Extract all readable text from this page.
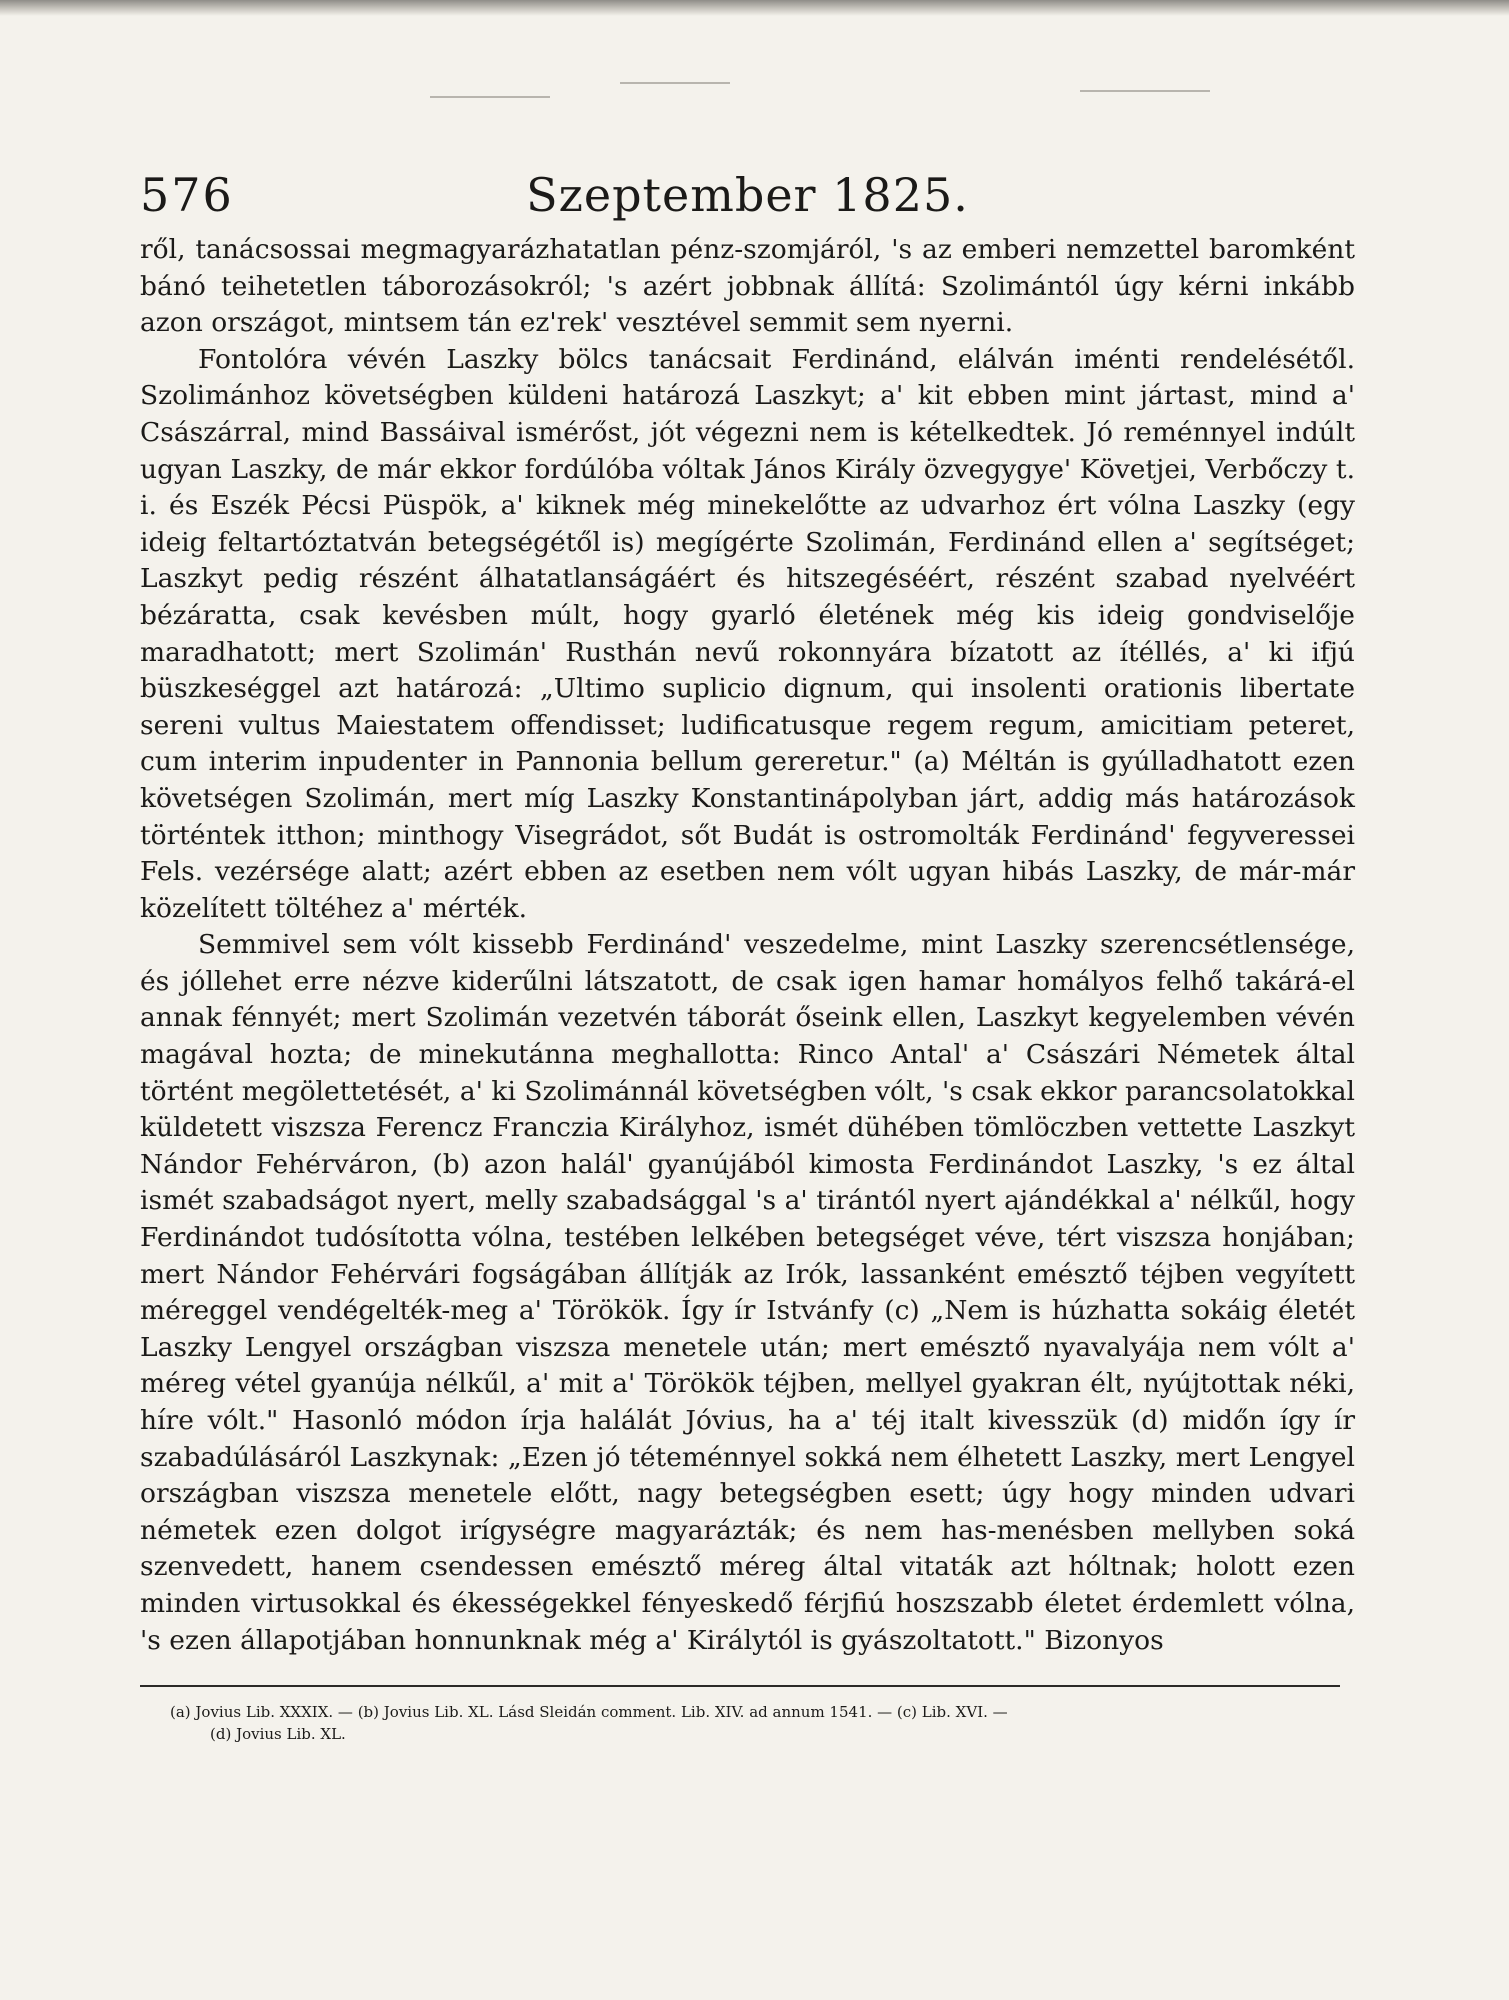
576	Szeptember 1825.

ről, tanácsossai megmagyarázhatatlan pénz-szomjáról, 's az emberi nemzettel baromként bánó teihetetlen táborozásokról; 's azért jobbnak állítá: Szolimántól úgy kérni inkább azon országot, mintsem tán ez'rek' vesztével semmit sem nyerni.

Fontolóra vévén Laszky bölcs tanácsait Ferdinánd, elálván iménti rendelésétől. Szolimánhoz követségben küldeni határozá Laszkyt; a' kit ebben mint jártast, mind a' Császárral, mind Bassáival ismérőst, jót végezni nem is kételkedtek. Jó reménnyel indúlt ugyan Laszky, de már ekkor fordúlóba vóltak János Király özvegygye' Követjei, Verbőczy t. i. és Eszék Pécsi Püspök, a' kiknek még minekelőtte az udvarhoz ért vólna Laszky (egy ideig feltartóztatván betegségétől is) megígérte Szolimán, Ferdinánd ellen a' segítséget; Laszkyt pedig részént álhatatlanságáért és hitszegéséért, részént szabad nyelvéért bézáratta, csak kevésben múlt, hogy gyarló életének még kis ideig gondviselője maradhatott; mert Szolimán' Rusthán nevű rokonnyára bízatott az ítéllés, a' ki ifjú büszkeséggel azt határozá: „Ultimo suplicio dignum, qui insolenti orationis libertate sereni vultus Maiestatem offendisset; ludificatusque regem regum, amicitiam peteret, cum interim inpudenter in Pannonia bellum gereretur." (a) Méltán is gyúlladhatott ezen követségen Szolimán, mert míg Laszky Konstantinápolyban járt, addig más határozások történtek itthon; minthogy Visegrádot, sőt Budát is ostromolták Ferdinánd' fegyveressei Fels. vezérsége alatt; azért ebben az esetben nem vólt ugyan hibás Laszky, de már-már közelített töltéhez a' mérték.

Semmivel sem vólt kissebb Ferdinánd' veszedelme, mint Laszky szerencsétlensége, és jóllehet erre nézve kiderűlni látszatott, de csak igen hamar homályos felhő takárá-el annak fénnyét; mert Szolimán vezetvén táborát őseink ellen, Laszkyt kegyelemben vévén magával hozta; de minekutánna meghallotta: Rinco Antal' a' Császári Németek által történt megölettetését, a' ki Szolimánnál követségben vólt, 's csak ekkor parancsolatokkal küldetett viszsza Ferencz Franczia Királyhoz, ismét dühében tömlöczben vettette Laszkyt Nándor Fehérváron, (b) azon halál' gyanújából kimosta Ferdinándot Laszky, 's ez által ismét szabadságot nyert, melly szabadsággal 's a' tirántól nyert ajándékkal a' nélkűl, hogy Ferdinándot tudósította vólna, testében lelkében betegséget véve, tért viszsza honjában; mert Nándor Fehérvári fogságában állítják az Irók, lassanként emésztő téjben vegyített méreggel vendégelték-meg a' Törökök. Így ír Istvánfy (c) „Nem is húzhatta sokáig életét Laszky Lengyel országban viszsza menetele után; mert emésztő nyavalyája nem vólt a' méreg vétel gyanúja nélkűl, a' mit a' Törökök téjben, mellyel gyakran élt, nyújtottak néki, híre vólt." Hasonló módon írja halálát Jóvius, ha a' téj italt kivesszük (d) midőn így ír szabadúlásáról Laszkynak: „Ezen jó téteménnyel sokká nem élhetett Laszky, mert Lengyel országban viszsza menetele előtt, nagy betegségben esett; úgy hogy minden udvari németek ezen dolgot irígységre magyarázták; és nem has-menésben mellyben soká szenvedett, hanem csendessen emésztő méreg által vitaták azt hóltnak; holott ezen minden virtusokkal és ékességekkel fényeskedő férjfiú hoszszabb életet érdemlett vólna, 's ezen állapotjában honnunknak még a' Királytól is gyászoltatott." Bizonyos

(a) Jovius Lib. XXXIX. — (b) Jovius Lib. XL. Lásd Sleidán comment. Lib. XIV. ad annum 1541. — (c) Lib. XVI. —
(d) Jovius Lib. XL.
